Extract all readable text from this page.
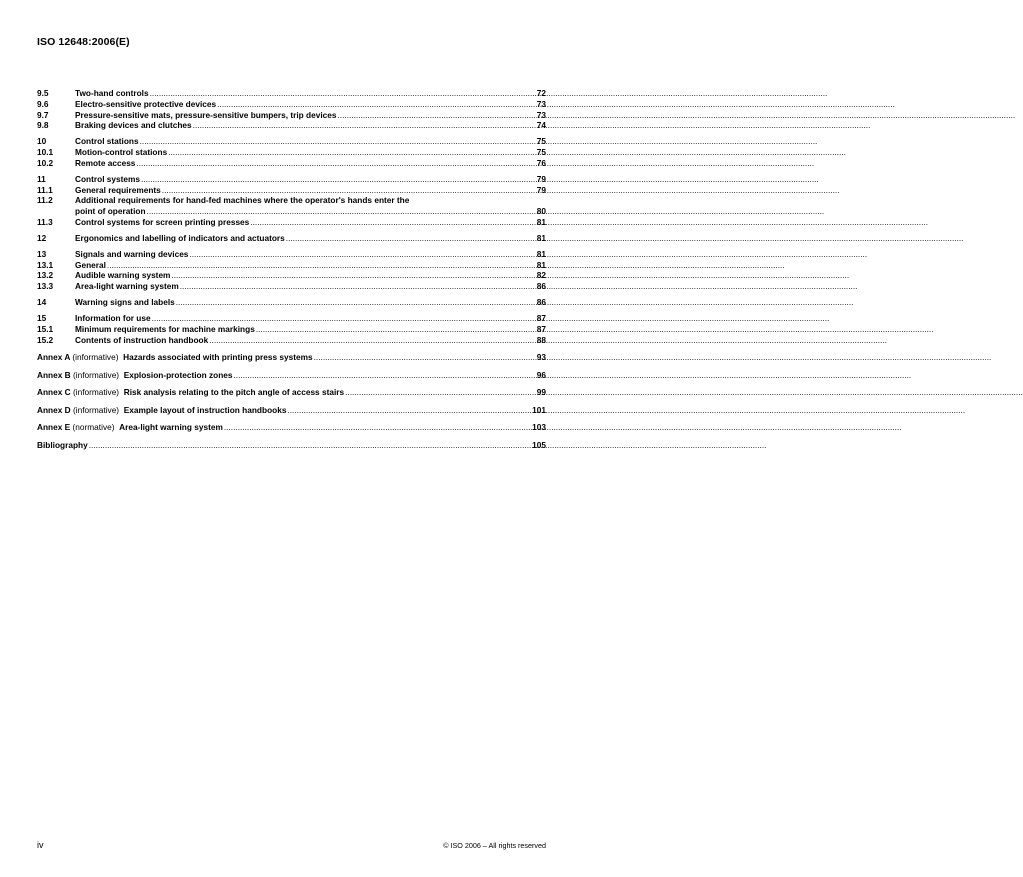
ISO 12648:2006(E)
9.5	Two-hand controls .....	72
9.6	Electro-sensitive protective devices .....	73
9.7	Pressure-sensitive mats, pressure-sensitive bumpers, trip devices .....	73
9.8	Braking devices and clutches .....	74
10	Control stations .....	75
10.1	Motion-control stations .....	75
10.2	Remote access .....	76
11	Control systems .....	79
11.1	General requirements .....	79
11.2	Additional requirements for hand-fed machines where the operator's hands enter the
point of operation .....	80
11.3	Control systems for screen printing presses .....	81
12	Ergonomics and labelling of indicators and actuators .....	81
13	Signals and warning devices .....	81
13.1	General .....	81
13.2	Audible warning system .....	82
13.3	Area-light warning system .....	86
14	Warning signs and labels .....	86
15	Information for use .....	87
15.1	Minimum requirements for machine markings .....	87
15.2	Contents of instruction handbook .....	88
Annex A (informative) Hazards associated with printing press systems .....	93
Annex B (informative) Explosion-protection zones .....	96
Annex C (informative) Risk analysis relating to the pitch angle of access stairs .....	99
Annex D (informative) Example layout of instruction handbooks .....	101
Annex E (normative) Area-light warning system .....	103
Bibliography .....	105
iv	© ISO 2006 – All rights reserved
